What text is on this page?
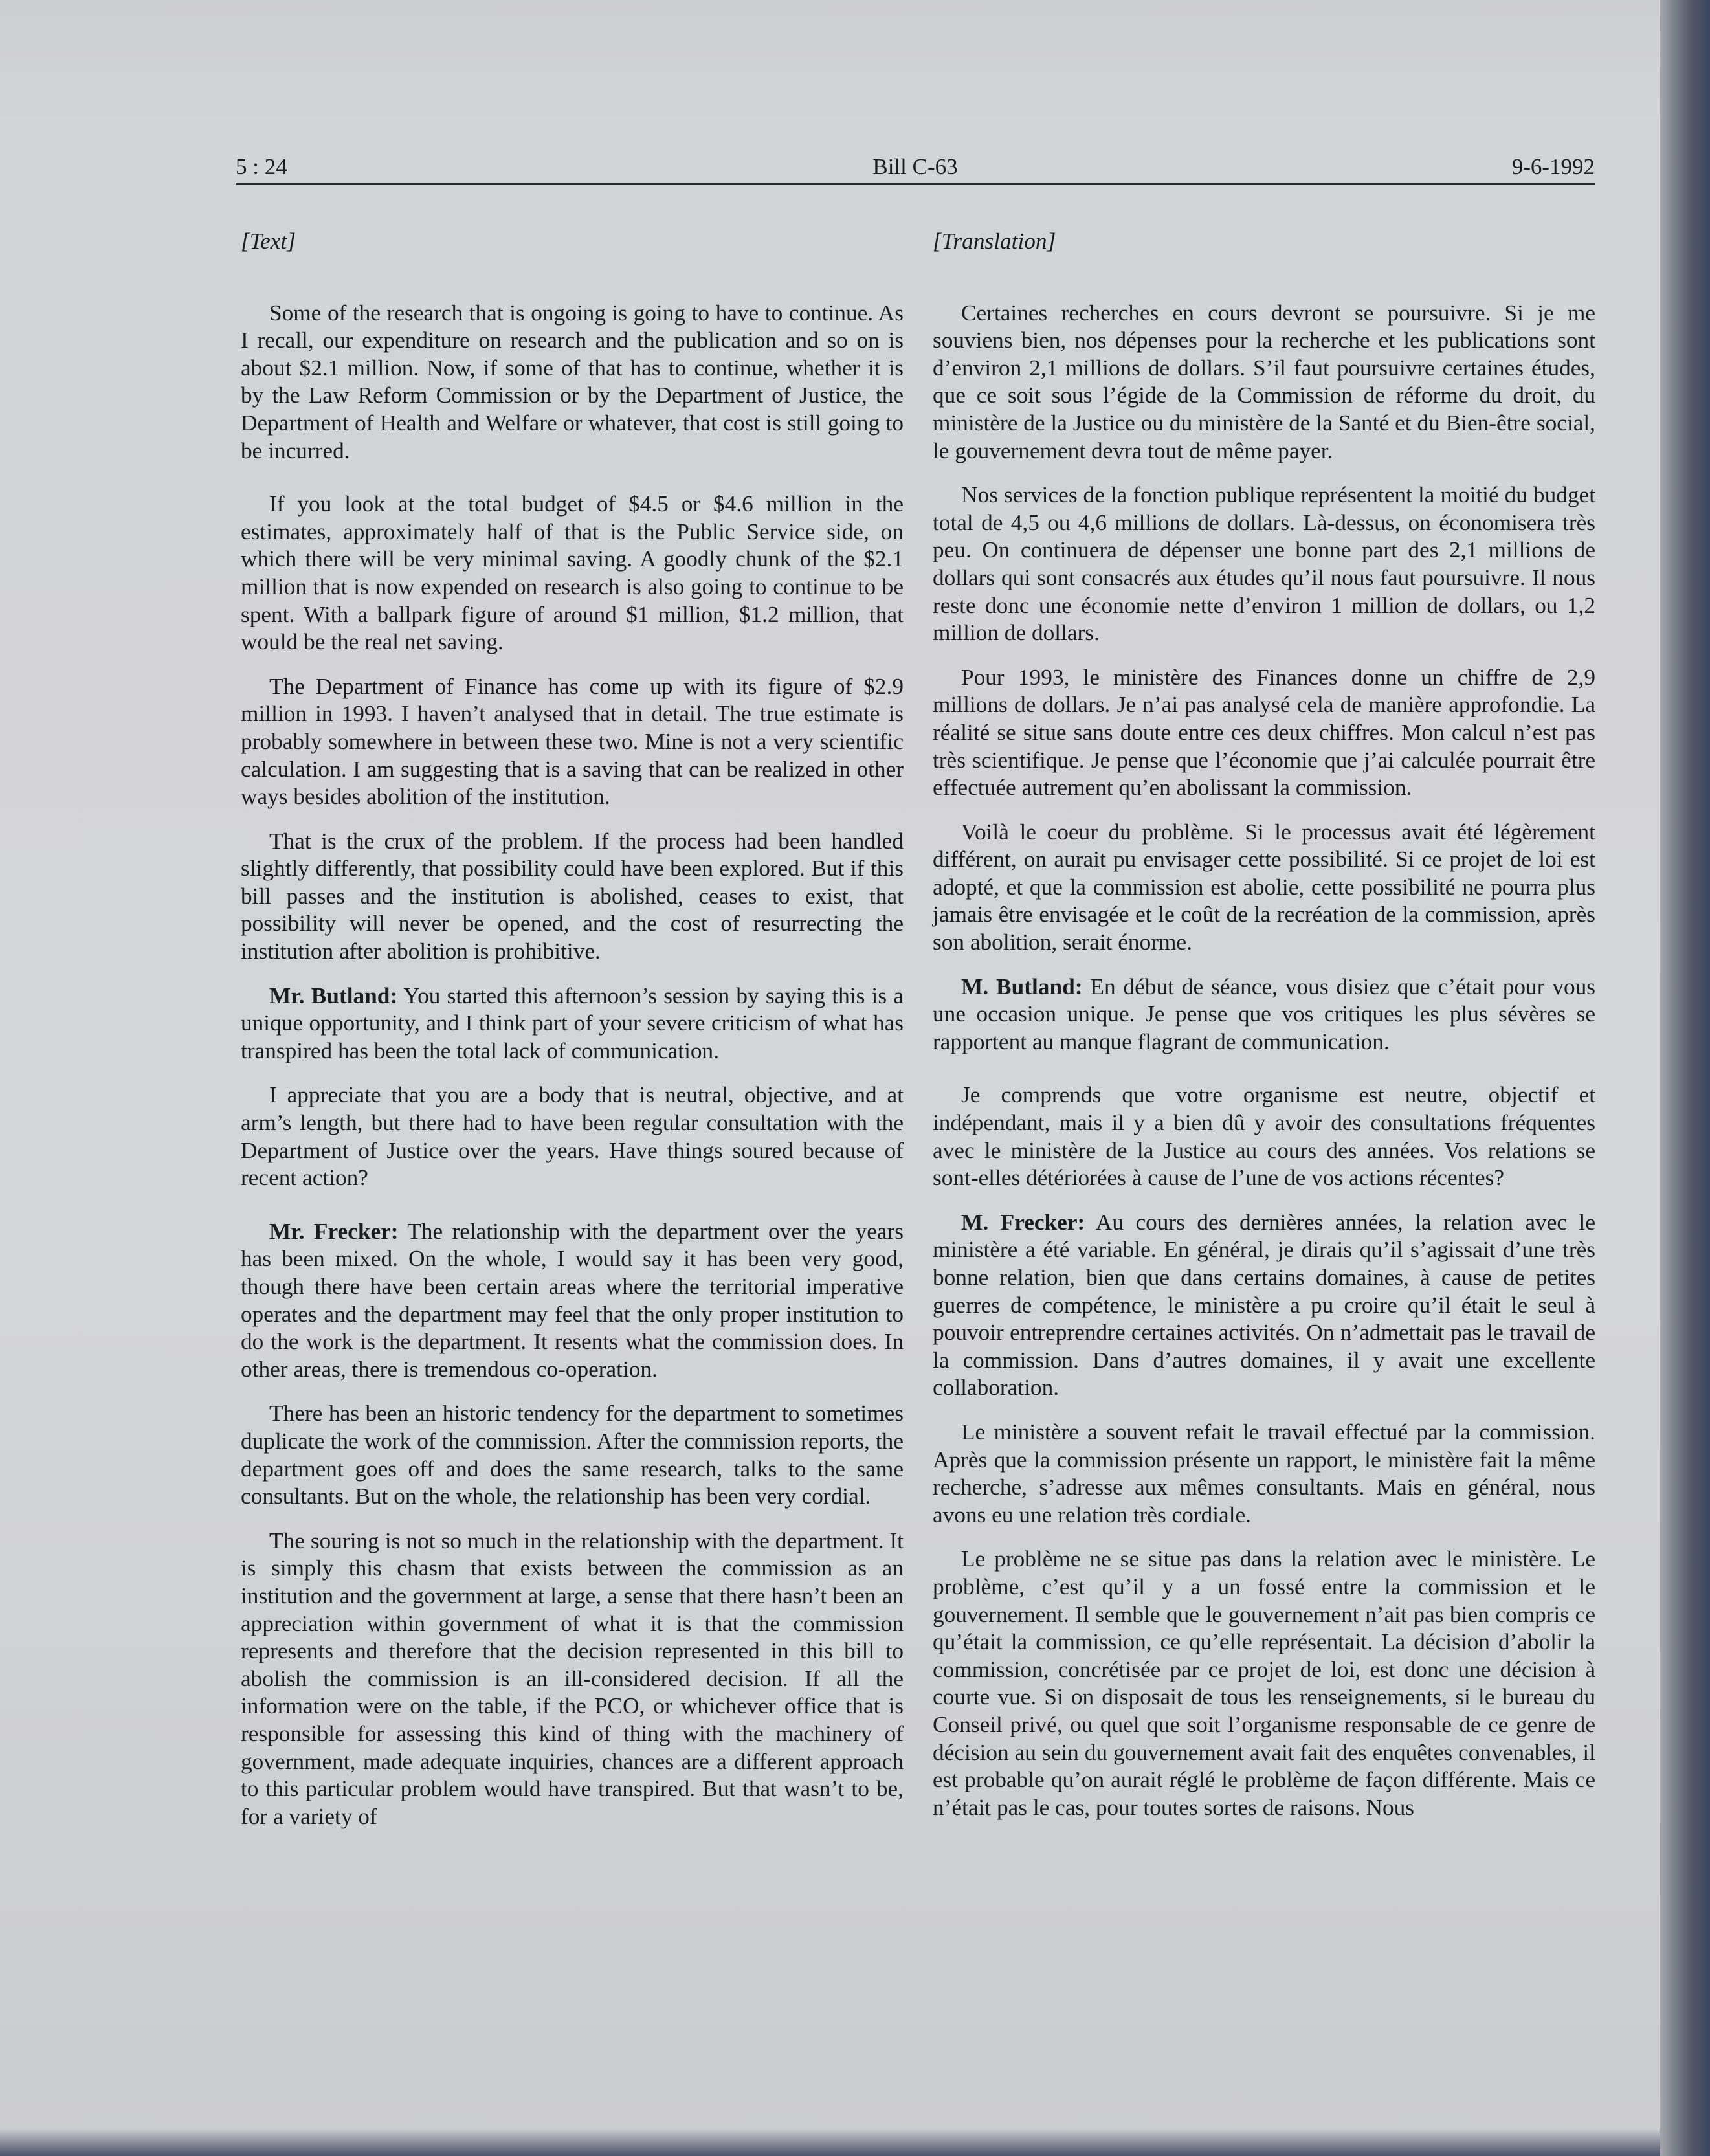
5 : 24	Bill C-63	9-6-1992
[Text]

Some of the research that is ongoing is going to have to continue. As I recall, our expenditure on research and the publication and so on is about $2.1 million. Now, if some of that has to continue, whether it is by the Law Reform Commission or by the Department of Justice, the Department of Health and Welfare or whatever, that cost is still going to be incurred.

If you look at the total budget of $4.5 or $4.6 million in the estimates, approximately half of that is the Public Service side, on which there will be very minimal saving. A goodly chunk of the $2.1 million that is now expended on research is also going to continue to be spent. With a ballpark figure of around $1 million, $1.2 million, that would be the real net saving.

The Department of Finance has come up with its figure of $2.9 million in 1993. I haven’t analysed that in detail. The true estimate is probably somewhere in between these two. Mine is not a very scientific calculation. I am suggesting that is a saving that can be realized in other ways besides abolition of the institution.

That is the crux of the problem. If the process had been handled slightly differently, that possibility could have been explored. But if this bill passes and the institution is abolished, ceases to exist, that possibility will never be opened, and the cost of resurrecting the institution after abolition is prohibitive.

Mr. Butland: You started this afternoon’s session by saying this is a unique opportunity, and I think part of your severe criticism of what has transpired has been the total lack of communication.

I appreciate that you are a body that is neutral, objective, and at arm’s length, but there had to have been regular consultation with the Department of Justice over the years. Have things soured because of recent action?

Mr. Frecker: The relationship with the department over the years has been mixed. On the whole, I would say it has been very good, though there have been certain areas where the territorial imperative operates and the department may feel that the only proper institution to do the work is the department. It resents what the commission does. In other areas, there is tremendous co-operation.

There has been an historic tendency for the department to sometimes duplicate the work of the commission. After the commission reports, the department goes off and does the same research, talks to the same consultants. But on the whole, the relationship has been very cordial.

The souring is not so much in the relationship with the department. It is simply this chasm that exists between the commission as an institution and the government at large, a sense that there hasn’t been an appreciation within government of what it is that the commission represents and therefore that the decision represented in this bill to abolish the commission is an ill-considered decision. If all the information were on the table, if the PCO, or whichever office that is responsible for assessing this kind of thing with the machinery of government, made adequate inquiries, chances are a different approach to this particular problem would have transpired. But that wasn’t to be, for a variety of

[Translation]

Certaines recherches en cours devront se poursuivre. Si je me souviens bien, nos dépenses pour la recherche et les publications sont d’environ 2,1 millions de dollars. S’il faut poursuivre certaines études, que ce soit sous l’égide de la Commission de réforme du droit, du ministère de la Justice ou du ministère de la Santé et du Bien-être social, le gouvernement devra tout de même payer.

Nos services de la fonction publique représentent la moitié du budget total de 4,5 ou 4,6 millions de dollars. Là-dessus, on économisera très peu. On continuera de dépenser une bonne part des 2,1 millions de dollars qui sont consacrés aux études qu’il nous faut poursuivre. Il nous reste donc une économie nette d’environ 1 million de dollars, ou 1,2 million de dollars.

Pour 1993, le ministère des Finances donne un chiffre de 2,9 millions de dollars. Je n’ai pas analysé cela de manière approfondie. La réalité se situe sans doute entre ces deux chiffres. Mon calcul n’est pas très scientifique. Je pense que l’économie que j’ai calculée pourrait être effectuée autrement qu’en abolissant la commission.

Voilà le coeur du problème. Si le processus avait été légèrement différent, on aurait pu envisager cette possibilité. Si ce projet de loi est adopté, et que la commission est abolie, cette possibilité ne pourra plus jamais être envisagée et le coût de la recréation de la commission, après son abolition, serait énorme.

M. Butland: En début de séance, vous disiez que c’était pour vous une occasion unique. Je pense que vos critiques les plus sévères se rapportent au manque flagrant de communication.

Je comprends que votre organisme est neutre, objectif et indépendant, mais il y a bien dû y avoir des consultations fréquentes avec le ministère de la Justice au cours des années. Vos relations se sont-elles détériorées à cause de l’une de vos actions récentes?

M. Frecker: Au cours des dernières années, la relation avec le ministère a été variable. En général, je dirais qu’il s’agissait d’une très bonne relation, bien que dans certains domaines, à cause de petites guerres de compétence, le ministère a pu croire qu’il était le seul à pouvoir entreprendre certaines activités. On n’admettait pas le travail de la commission. Dans d’autres domaines, il y avait une excellente collaboration.

Le ministère a souvent refait le travail effectué par la commission. Après que la commission présente un rapport, le ministère fait la même recherche, s’adresse aux mêmes consultants. Mais en général, nous avons eu une relation très cordiale.

Le problème ne se situe pas dans la relation avec le ministère. Le problème, c’est qu’il y a un fossé entre la commission et le gouvernement. Il semble que le gouvernement n’ait pas bien compris ce qu’était la commission, ce qu’elle représentait. La décision d’abolir la commission, concrétisée par ce projet de loi, est donc une décision à courte vue. Si on disposait de tous les renseignements, si le bureau du Conseil privé, ou quel que soit l’organisme responsable de ce genre de décision au sein du gouvernement avait fait des enquêtes convenables, il est probable qu’on aurait réglé le problème de façon différente. Mais ce n’était pas le cas, pour toutes sortes de raisons. Nous
